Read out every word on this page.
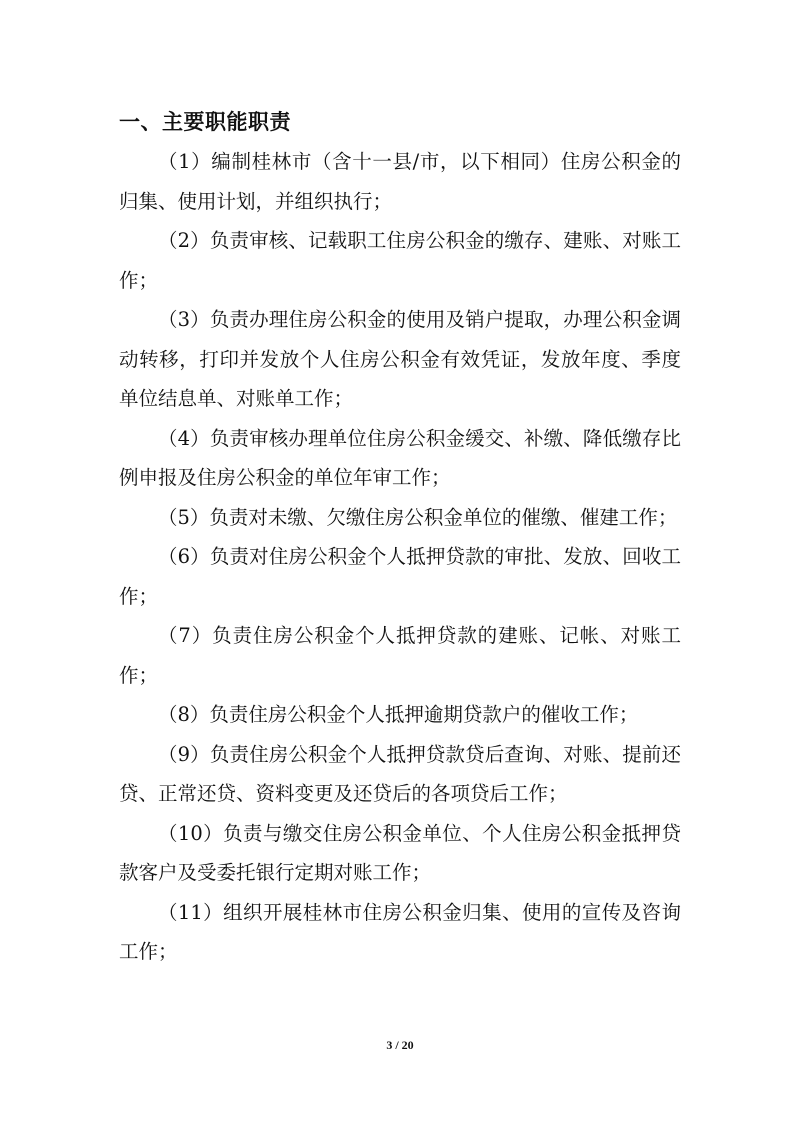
一、主要职能职责

（1）编制桂林市（含十一县/市，以下相同）住房公积金的归集、使用计划，并组织执行；

（2）负责审核、记载职工住房公积金的缴存、建账、对账工作；

（3）负责办理住房公积金的使用及销户提取，办理公积金调动转移，打印并发放个人住房公积金有效凭证，发放年度、季度单位结息单、对账单工作；

（4）负责审核办理单位住房公积金缓交、补缴、降低缴存比例申报及住房公积金的单位年审工作；

（5）负责对未缴、欠缴住房公积金单位的催缴、催建工作；

（6）负责对住房公积金个人抵押贷款的审批、发放、回收工作；

（7）负责住房公积金个人抵押贷款的建账、记帐、对账工作；

（8）负责住房公积金个人抵押逾期贷款户的催收工作；

（9）负责住房公积金个人抵押贷款贷后查询、对账、提前还贷、正常还贷、资料变更及还贷后的各项贷后工作；

（10）负责与缴交住房公积金单位、个人住房公积金抵押贷款客户及受委托银行定期对账工作；

（11）组织开展桂林市住房公积金归集、使用的宣传及咨询工作；

3 / 20
